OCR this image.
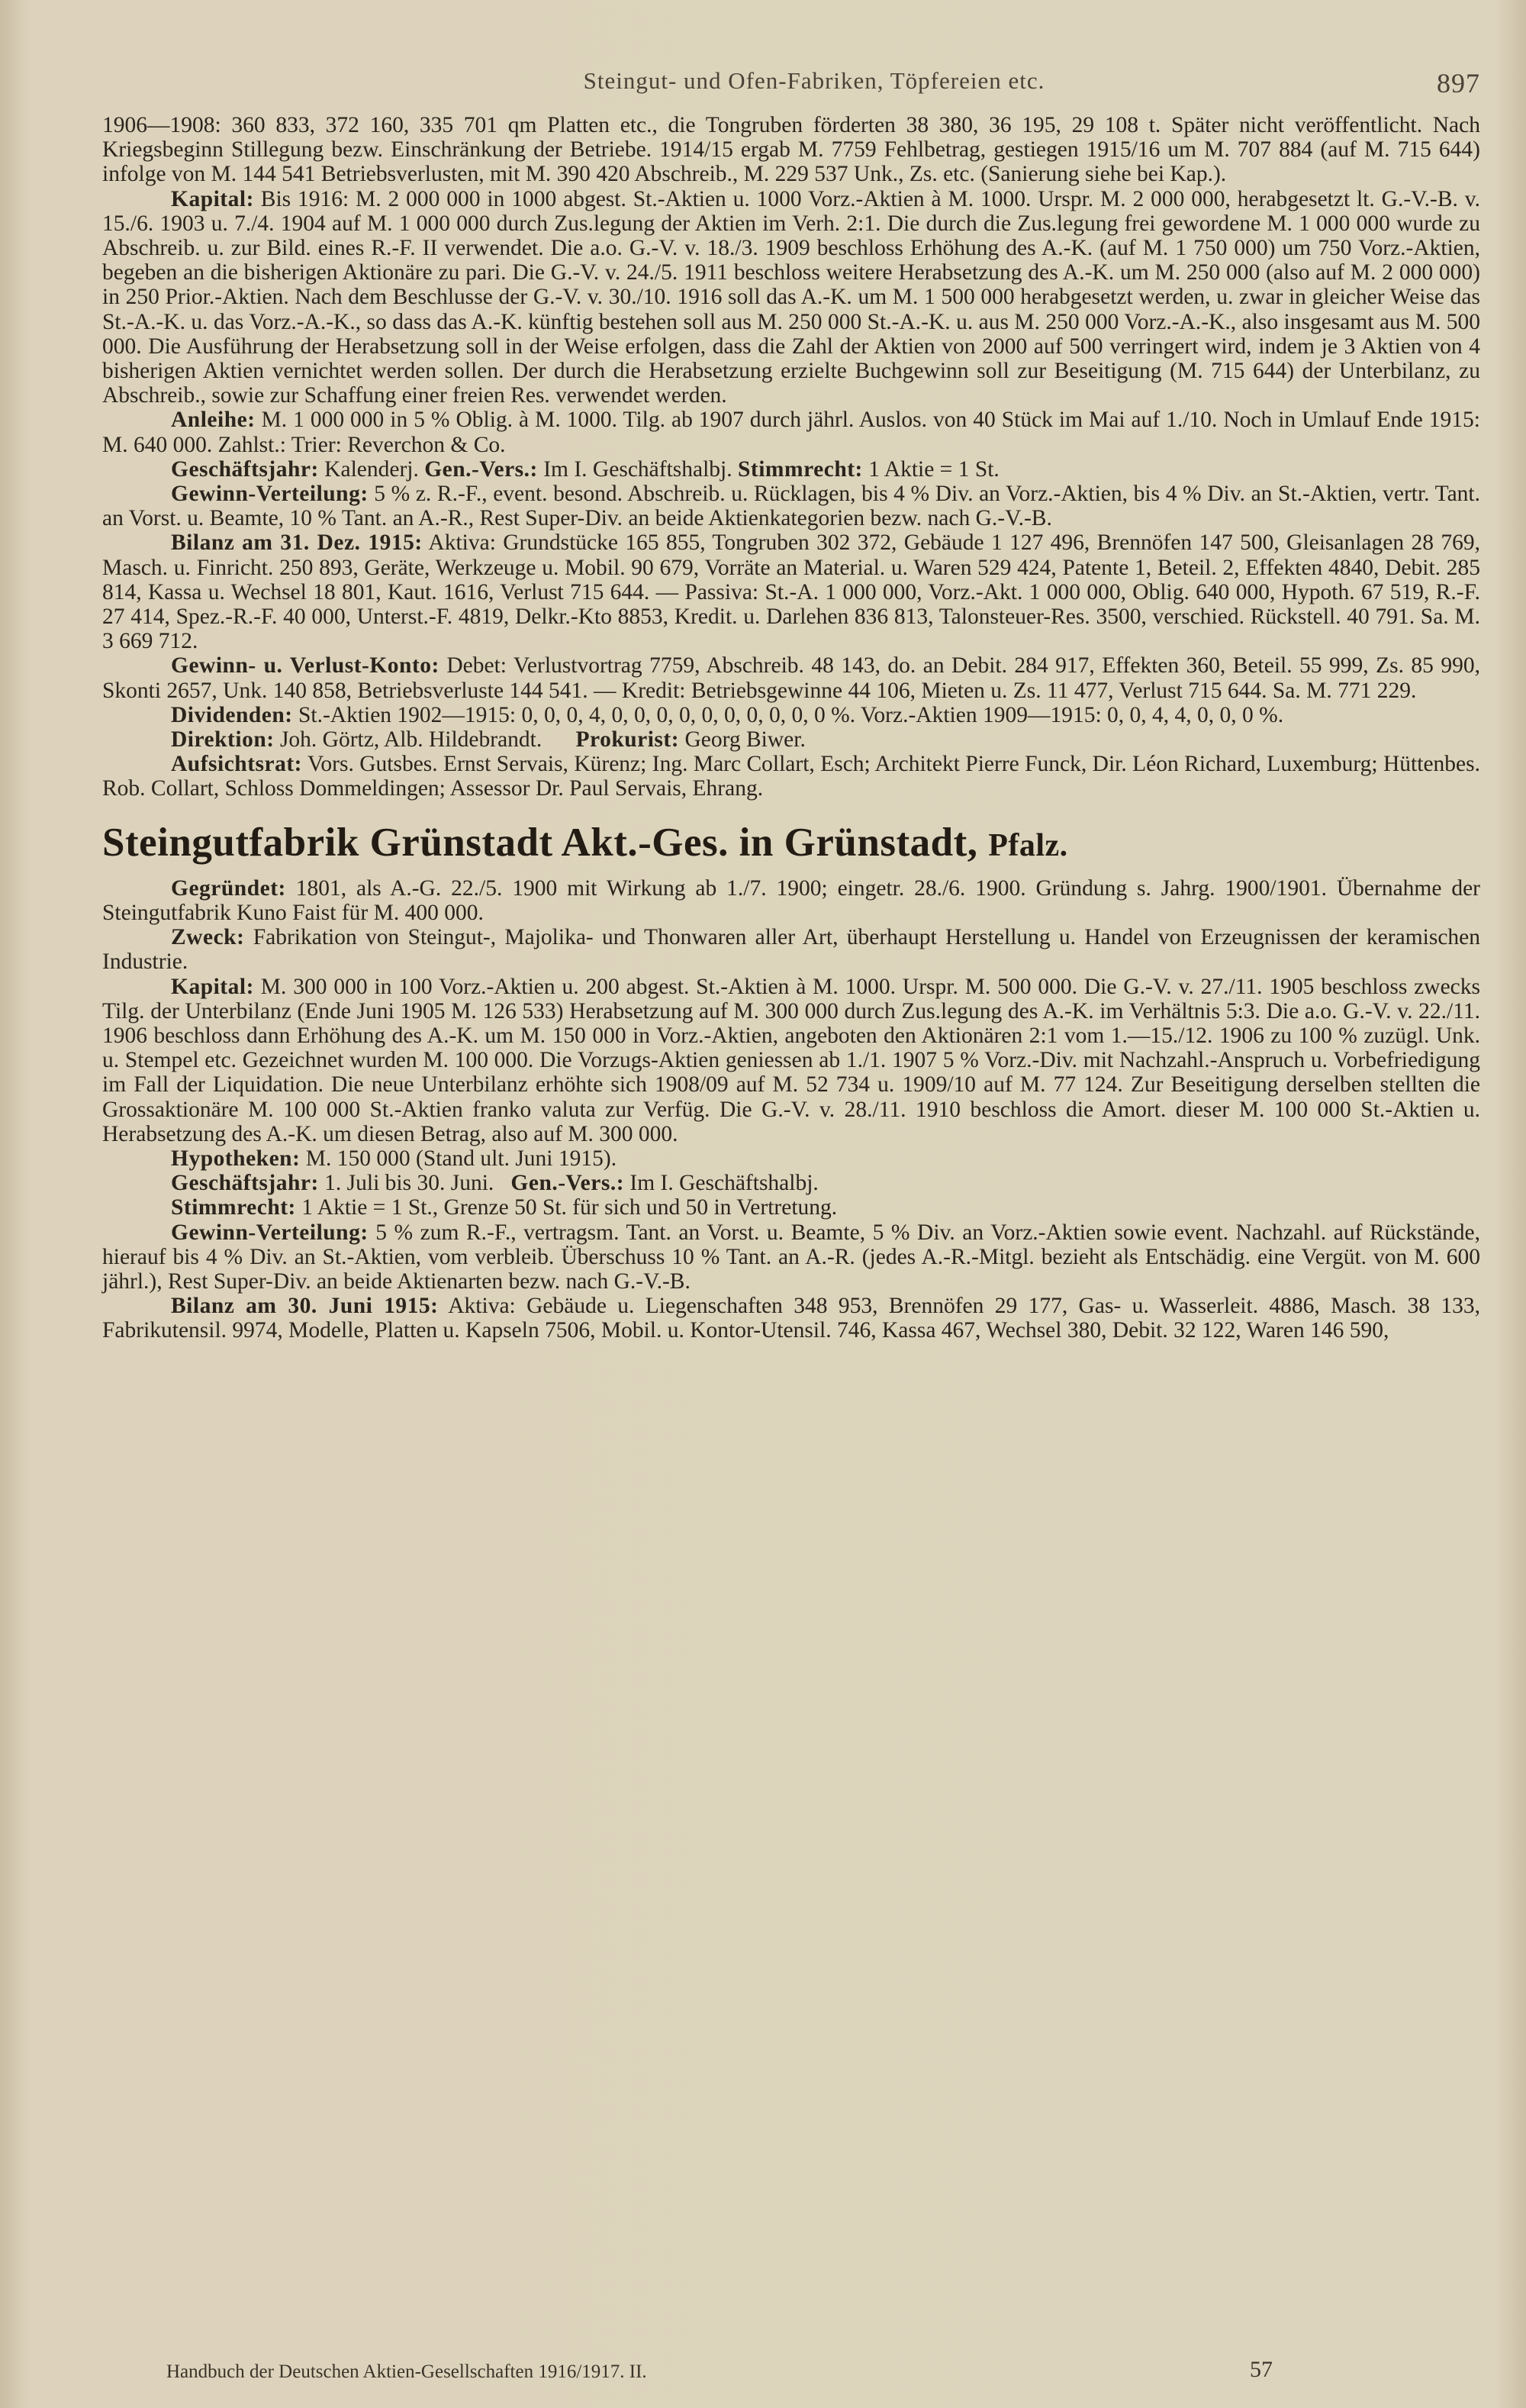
Steingut- und Ofen-Fabriken, Töpfereien etc.	897

1906—1908: 360 833, 372 160, 335 701 qm Platten etc., die Tongruben förderten 38 380, 36 195, 29 108 t. Später nicht veröffentlicht. Nach Kriegsbeginn Stillegung bezw. Einschränkung der Betriebe. 1914/15 ergab M. 7759 Fehlbetrag, gestiegen 1915/16 um M. 707 884 (auf M. 715 644) infolge von M. 144 541 Betriebsverlusten, mit M. 390 420 Abschreib., M. 229 537 Unk., Zs. etc. (Sanierung siehe bei Kap.).

Kapital: Bis 1916: M. 2 000 000 in 1000 abgest. St.-Aktien u. 1000 Vorz.-Aktien à M. 1000. Urspr. M. 2 000 000, herabgesetzt lt. G.-V.-B. v. 15./6. 1903 u. 7./4. 1904 auf M. 1 000 000 durch Zus.legung der Aktien im Verh. 2:1. Die durch die Zus.legung frei gewordene M. 1 000 000 wurde zu Abschreib. u. zur Bild. eines R.-F. II verwendet. Die a.o. G.-V. v. 18./3. 1909 beschloss Erhöhung des A.-K. (auf M. 1 750 000) um 750 Vorz.-Aktien, begeben an die bisherigen Aktionäre zu pari. Die G.-V. v. 24./5. 1911 beschloss weitere Herabsetzung des A.-K. um M. 250 000 (also auf M. 2 000 000) in 250 Prior.-Aktien. Nach dem Beschlusse der G.-V. v. 30./10. 1916 soll das A.-K. um M. 1 500 000 herabgesetzt werden, u. zwar in gleicher Weise das St.-A.-K. u. das Vorz.-A.-K., so dass das A.-K. künftig bestehen soll aus M. 250 000 St.-A.-K. u. aus M. 250 000 Vorz.-A.-K., also insgesamt aus M. 500 000. Die Ausführung der Herabsetzung soll in der Weise erfolgen, dass die Zahl der Aktien von 2000 auf 500 verringert wird, indem je 3 Aktien von 4 bisherigen Aktien vernichtet werden sollen. Der durch die Herabsetzung erzielte Buchgewinn soll zur Beseitigung (M. 715 644) der Unterbilanz, zu Abschreib., sowie zur Schaffung einer freien Res. verwendet werden.

Anleihe: M. 1 000 000 in 5 % Oblig. à M. 1000. Tilg. ab 1907 durch jährl. Auslos. von 40 Stück im Mai auf 1./10. Noch in Umlauf Ende 1915: M. 640 000. Zahlst.: Trier: Reverchon & Co.

Geschäftsjahr: Kalenderj. Gen.-Vers.: Im I. Geschäftshalbj. Stimmrecht: 1 Aktie = 1 St.

Gewinn-Verteilung: 5 % z. R.-F., event. besond. Abschreib. u. Rücklagen, bis 4 % Div. an Vorz.-Aktien, bis 4 % Div. an St.-Aktien, vertr. Tant. an Vorst. u. Beamte, 10 % Tant. an A.-R., Rest Super-Div. an beide Aktienkategorien bezw. nach G.-V.-B.

Bilanz am 31. Dez. 1915: Aktiva: Grundstücke 165 855, Tongruben 302 372, Gebäude 1 127 496, Brennöfen 147 500, Gleisanlagen 28 769, Masch. u. Finricht. 250 893, Geräte, Werkzeuge u. Mobil. 90 679, Vorräte an Material. u. Waren 529 424, Patente 1, Beteil. 2, Effekten 4840, Debit. 285 814, Kassa u. Wechsel 18 801, Kaut. 1616, Verlust 715 644. — Passiva: St.-A. 1 000 000, Vorz.-Akt. 1 000 000, Oblig. 640 000, Hypoth. 67 519, R.-F. 27 414, Spez.-R.-F. 40 000, Unterst.-F. 4819, Delkr.-Kto 8853, Kredit. u. Darlehen 836 813, Talonsteuer-Res. 3500, verschied. Rückstell. 40 791. Sa. M. 3 669 712.

Gewinn- u. Verlust-Konto: Debet: Verlustvortrag 7759, Abschreib. 48 143, do. an Debit. 284 917, Effekten 360, Beteil. 55 999, Zs. 85 990, Skonti 2657, Unk. 140 858, Betriebsverluste 144 541. — Kredit: Betriebsgewinne 44 106, Mieten u. Zs. 11 477, Verlust 715 644. Sa. M. 771 229.

Dividenden: St.-Aktien 1902—1915: 0, 0, 0, 4, 0, 0, 0, 0, 0, 0, 0, 0, 0, 0 %. Vorz.-Aktien 1909—1915: 0, 0, 4, 4, 0, 0, 0 %.

Direktion: Joh. Görtz, Alb. Hildebrandt. Prokurist: Georg Biwer.

Aufsichtsrat: Vors. Gutsbes. Ernst Servais, Kürenz; Ing. Marc Collart, Esch; Architekt Pierre Funck, Dir. Léon Richard, Luxemburg; Hüttenbes. Rob. Collart, Schloss Dommeldingen; Assessor Dr. Paul Servais, Ehrang.

Steingutfabrik Grünstadt Akt.-Ges. in Grünstadt, Pfalz.

Gegründet: 1801, als A.-G. 22./5. 1900 mit Wirkung ab 1./7. 1900; eingetr. 28./6. 1900. Gründung s. Jahrg. 1900/1901. Übernahme der Steingutfabrik Kuno Faist für M. 400 000.

Zweck: Fabrikation von Steingut-, Majolika- und Thonwaren aller Art, überhaupt Herstellung u. Handel von Erzeugnissen der keramischen Industrie.

Kapital: M. 300 000 in 100 Vorz.-Aktien u. 200 abgest. St.-Aktien à M. 1000. Urspr. M. 500 000. Die G.-V. v. 27./11. 1905 beschloss zwecks Tilg. der Unterbilanz (Ende Juni 1905 M. 126 533) Herabsetzung auf M. 300 000 durch Zus.legung des A.-K. im Verhältnis 5:3. Die a.o. G.-V. v. 22./11. 1906 beschloss dann Erhöhung des A.-K. um M. 150 000 in Vorz.-Aktien, angeboten den Aktionären 2:1 vom 1.—15./12. 1906 zu 100 % zuzügl. Unk. u. Stempel etc. Gezeichnet wurden M. 100 000. Die Vorzugs-Aktien geniessen ab 1./1. 1907 5 % Vorz.-Div. mit Nachzahl.-Anspruch u. Vorbefriedigung im Fall der Liquidation. Die neue Unterbilanz erhöhte sich 1908/09 auf M. 52 734 u. 1909/10 auf M. 77 124. Zur Beseitigung derselben stellten die Grossaktionäre M. 100 000 St.-Aktien franko valuta zur Verfüg. Die G.-V. v. 28./11. 1910 beschloss die Amort. dieser M. 100 000 St.-Aktien u. Herabsetzung des A.-K. um diesen Betrag, also auf M. 300 000.

Hypotheken: M. 150 000 (Stand ult. Juni 1915).

Geschäftsjahr: 1. Juli bis 30. Juni. Gen.-Vers.: Im I. Geschäftshalbj.

Stimmrecht: 1 Aktie = 1 St., Grenze 50 St. für sich und 50 in Vertretung.

Gewinn-Verteilung: 5 % zum R.-F., vertragsm. Tant. an Vorst. u. Beamte, 5 % Div. an Vorz.-Aktien sowie event. Nachzahl. auf Rückstände, hierauf bis 4 % Div. an St.-Aktien, vom verbleib. Überschuss 10 % Tant. an A.-R. (jedes A.-R.-Mitgl. bezieht als Entschädig. eine Vergüt. von M. 600 jährl.), Rest Super-Div. an beide Aktienarten bezw. nach G.-V.-B.

Bilanz am 30. Juni 1915: Aktiva: Gebäude u. Liegenschaften 348 953, Brennöfen 29 177, Gas- u. Wasserleit. 4886, Masch. 38 133, Fabrikutensil. 9974, Modelle, Platten u. Kapseln 7506, Mobil. u. Kontor-Utensil. 746, Kassa 467, Wechsel 380, Debit. 32 122, Waren 146 590,

Handbuch der Deutschen Aktien-Gesellschaften 1916/1917. II.	57
